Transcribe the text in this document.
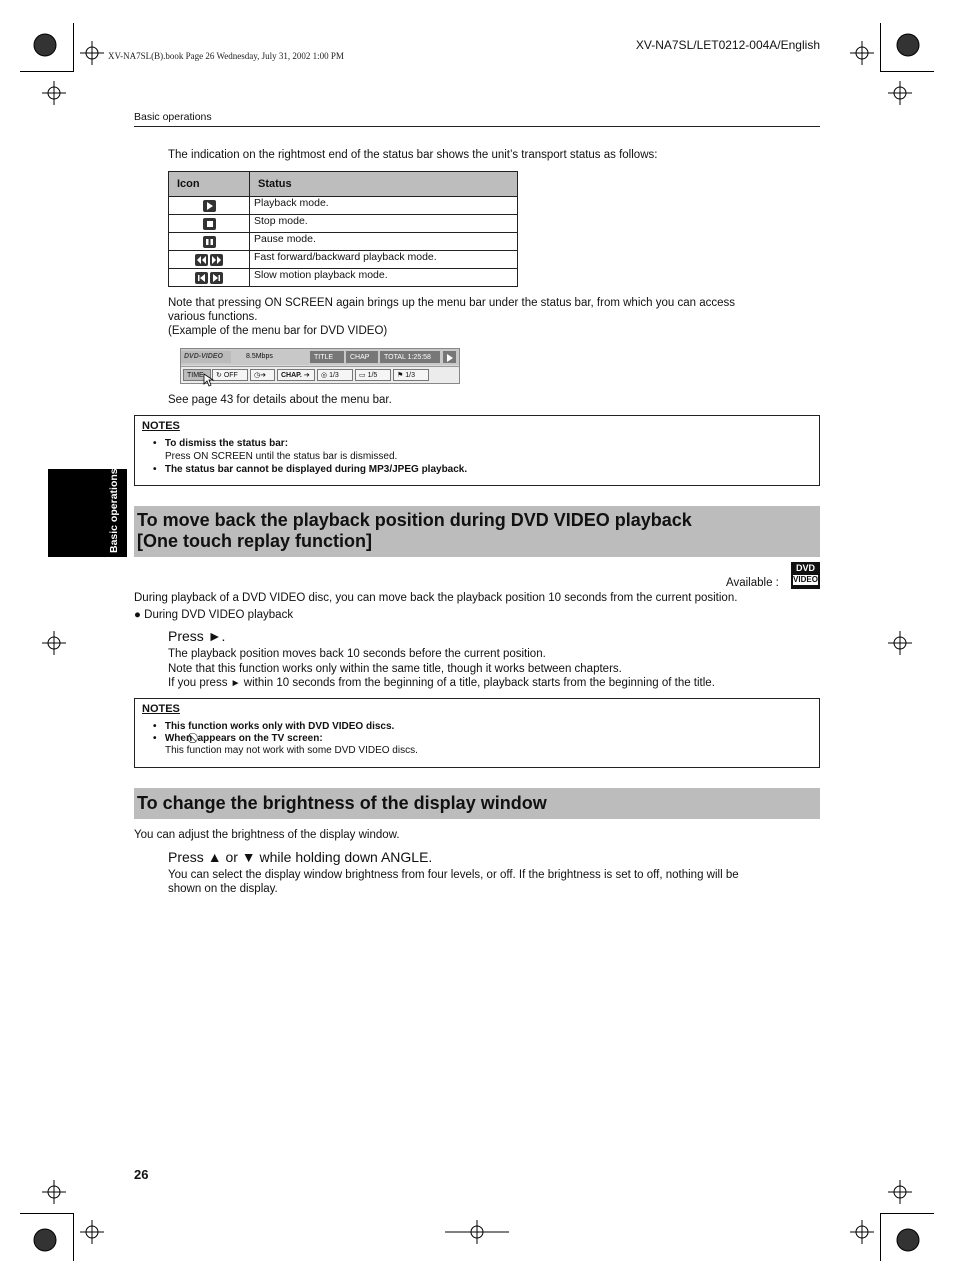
XV-NA7SL(B).book Page 26 Wednesday, July 31, 2002 1:00 PM
XV-NA7SL/LET0212-004A/English
Basic operations
The indication on the rightmost end of the status bar shows the unit’s transport status as follows:
Icon	Status

	Playback mode.

	Stop mode.

	Pause mode.

	Fast forward/backward playback mode.

	Slow motion playback mode.
Note that pressing ON SCREEN again brings up the menu bar under the status bar, from which you can access
various functions.
(Example of the menu bar for DVD VIDEO)
DVD-VIDEO	8.5Mbps	TITLE	CHAP	TOTAL 1:25:58
TIME	↻ OFF	◷➔	CHAP. ➔	◎ 1/3	▭ 1/5	⚑ 1/3
See page 43 for details about the menu bar.
NOTES
•   To dismiss the status bar:
Press ON SCREEN until the status bar is dismissed.
•   The status bar cannot be displayed during MP3/JPEG playback.
Basic operations To move back the playback position during DVD VIDEO playback
[One touch replay function]
Available :
DVD
VIDEO
During playback of a DVD VIDEO disc, you can move back the playback position 10 seconds from the current position.
● During DVD VIDEO playback
Press ►.
The playback position moves back 10 seconds before the current position.
Note that this function works only within the same title, though it works between chapters.
If you press ► within 10 seconds from the beginning of a title, playback starts from the beginning of the title.
NOTES
•   This function works only with DVD VIDEO discs.
•   When appears on the TV screen:
This function may not work with some DVD VIDEO discs.
To change the brightness of the display window
You can adjust the brightness of the display window.
Press ▲ or ▼ while holding down ANGLE.
You can select the display window brightness from four levels, or off. If the brightness is set to off, nothing will be
shown on the display.
26
